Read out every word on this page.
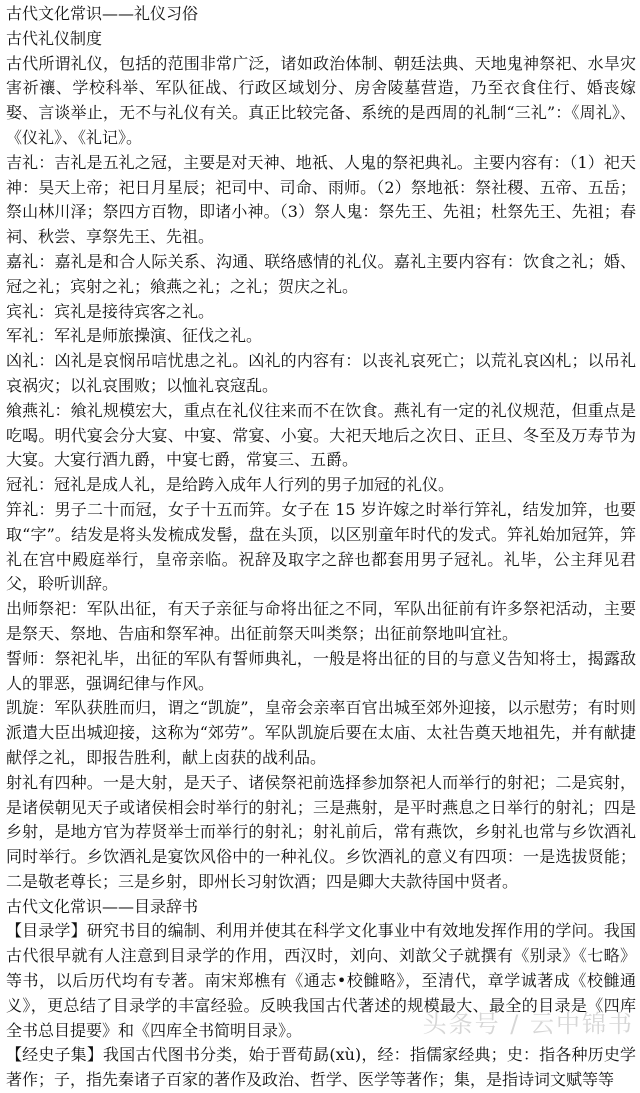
古代文化常识——礼仪习俗
古代礼仪制度

古代所谓礼仪，包括的范围非常广泛，诸如政治体制、朝廷法典、天地鬼神祭祀、水旱灾害祈禳、学校科举、军队征战、行政区域划分、房舍陵墓营造，乃至衣食住行、婚丧嫁娶、言谈举止，无不与礼仪有关。真正比较完备、系统的是西周的礼制“三礼”：《周礼》、《仪礼》、《礼记》。

吉礼：吉礼是五礼之冠，主要是对天神、地祇、人鬼的祭祀典礼。主要内容有：（1）祀天神：昊天上帝；祀日月星辰；祀司中、司命、雨师。（2）祭地祇：祭社稷、五帝、五岳；祭山林川泽；祭四方百物，即诸小神。（3）祭人鬼：祭先王、先祖；杜祭先王、先祖；春祠、秋尝、享祭先王、先祖。

嘉礼：嘉礼是和合人际关系、沟通、联络感情的礼仪。嘉礼主要内容有：饮食之礼；婚、冠之礼；宾射之礼；飨燕之礼；之礼；贺庆之礼。

宾礼：宾礼是接待宾客之礼。

军礼：军礼是师旅操演、征伐之礼。

凶礼：凶礼是哀悯吊唁忧患之礼。凶礼的内容有：以丧礼哀死亡；以荒礼哀凶札；以吊礼哀祸灾；以礼哀围败；以恤礼哀寇乱。

飨燕礼：飨礼规模宏大，重点在礼仪往来而不在饮食。燕礼有一定的礼仪规范，但重点是吃喝。明代宴会分大宴、中宴、常宴、小宴。大祀天地后之次日、正旦、冬至及万寿节为大宴。大宴行酒九爵，中宴七爵，常宴三、五爵。

冠礼：冠礼是成人礼，是给跨入成年人行列的男子加冠的礼仪。

笄礼：男子二十而冠，女子十五而笄。女子在 15 岁许嫁之时举行笄礼，结发加笄，也要取“字”。结发是将头发梳成发髻，盘在头顶，以区别童年时代的发式。笄礼始加冠笄，笄礼在宫中殿庭举行，皇帝亲临。祝辞及取字之辞也都套用男子冠礼。礼毕，公主拜见君父，聆听训辞。

出师祭祀：军队出征，有天子亲征与命将出征之不同，军队出征前有许多祭祀活动，主要是祭天、祭地、告庙和祭军神。出征前祭天叫类祭；出征前祭地叫宜社。

誓师：祭祀礼毕，出征的军队有誓师典礼，一般是将出征的目的与意义告知将士，揭露敌人的罪恶，强调纪律与作风。

凯旋：军队获胜而归，谓之“凯旋”，皇帝会亲率百官出城至郊外迎接，以示慰劳；有时则派遣大臣出城迎接，这称为“郊劳”。军队凯旋后要在太庙、太社告奠天地祖先，并有献捷献俘之礼，即报告胜利，献上卤获的战利品。

射礼有四种。一是大射，是天子、诸侯祭祀前选择参加祭祀人而举行的射祀；二是宾射，是诸侯朝见天子或诸侯相会时举行的射礼；三是燕射，是平时燕息之日举行的射礼；四是乡射，是地方官为荐贤举士而举行的射礼；射礼前后，常有燕饮，乡射礼也常与乡饮酒礼同时举行。乡饮酒礼是宴饮风俗中的一种礼仪。乡饮酒礼的意义有四项：一是选拔贤能；二是敬老尊长；三是乡射，即州长习射饮酒；四是卿大夫款待国中贤者。

古代文化常识——目录辞书

【目录学】研究书目的编制、利用并使其在科学文化事业中有效地发挥作用的学问。我国古代很早就有人注意到目录学的作用，西汉时，刘向、刘歆父子就撰有《别录》《七略》等书，以后历代均有专著。南宋郑樵有《通志•校雠略》，至清代，章学诚著成《校雠通义》，更总结了目录学的丰富经验。反映我国古代著述的规模最大、最全的目录是《四库全书总目提要》和《四库全书简明目录》。

【经史子集】我国古代图书分类，始于晋荀勗(xù)，经：指儒家经典；史：指各种历史学著作；子，指先秦诸子百家的著作及政治、哲学、医学等著作；集，是指诗词文赋等等

头条号 / 云中锦书
